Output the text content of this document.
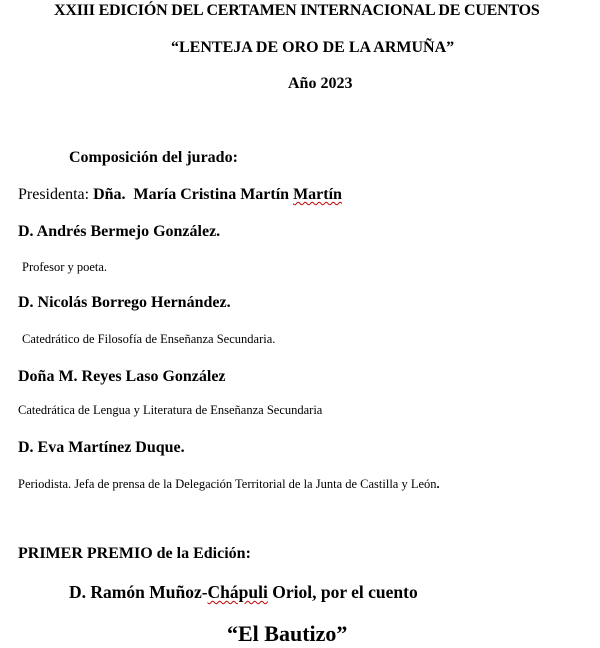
XXIII EDICIÓN DEL CERTAMEN INTERNACIONAL DE CUENTOS
“LENTEJA DE ORO DE LA ARMUÑA”
Año 2023
Composición del jurado:
Presidenta: Dña.  María Cristina Martín Martín
D. Andrés Bermejo González.
Profesor y poeta.
D. Nicolás Borrego Hernández.
Catedrático de Filosofía de Enseñanza Secundaria.
Doña M. Reyes Laso González
Catedrática de Lengua y Literatura de Enseñanza Secundaria
D. Eva Martínez Duque.
Periodista. Jefa de prensa de la Delegación Territorial de la Junta de Castilla y León.
PRIMER PREMIO de la Edición:
D. Ramón Muñoz-Chápuli Oriol, por el cuento
“El Bautizo”
